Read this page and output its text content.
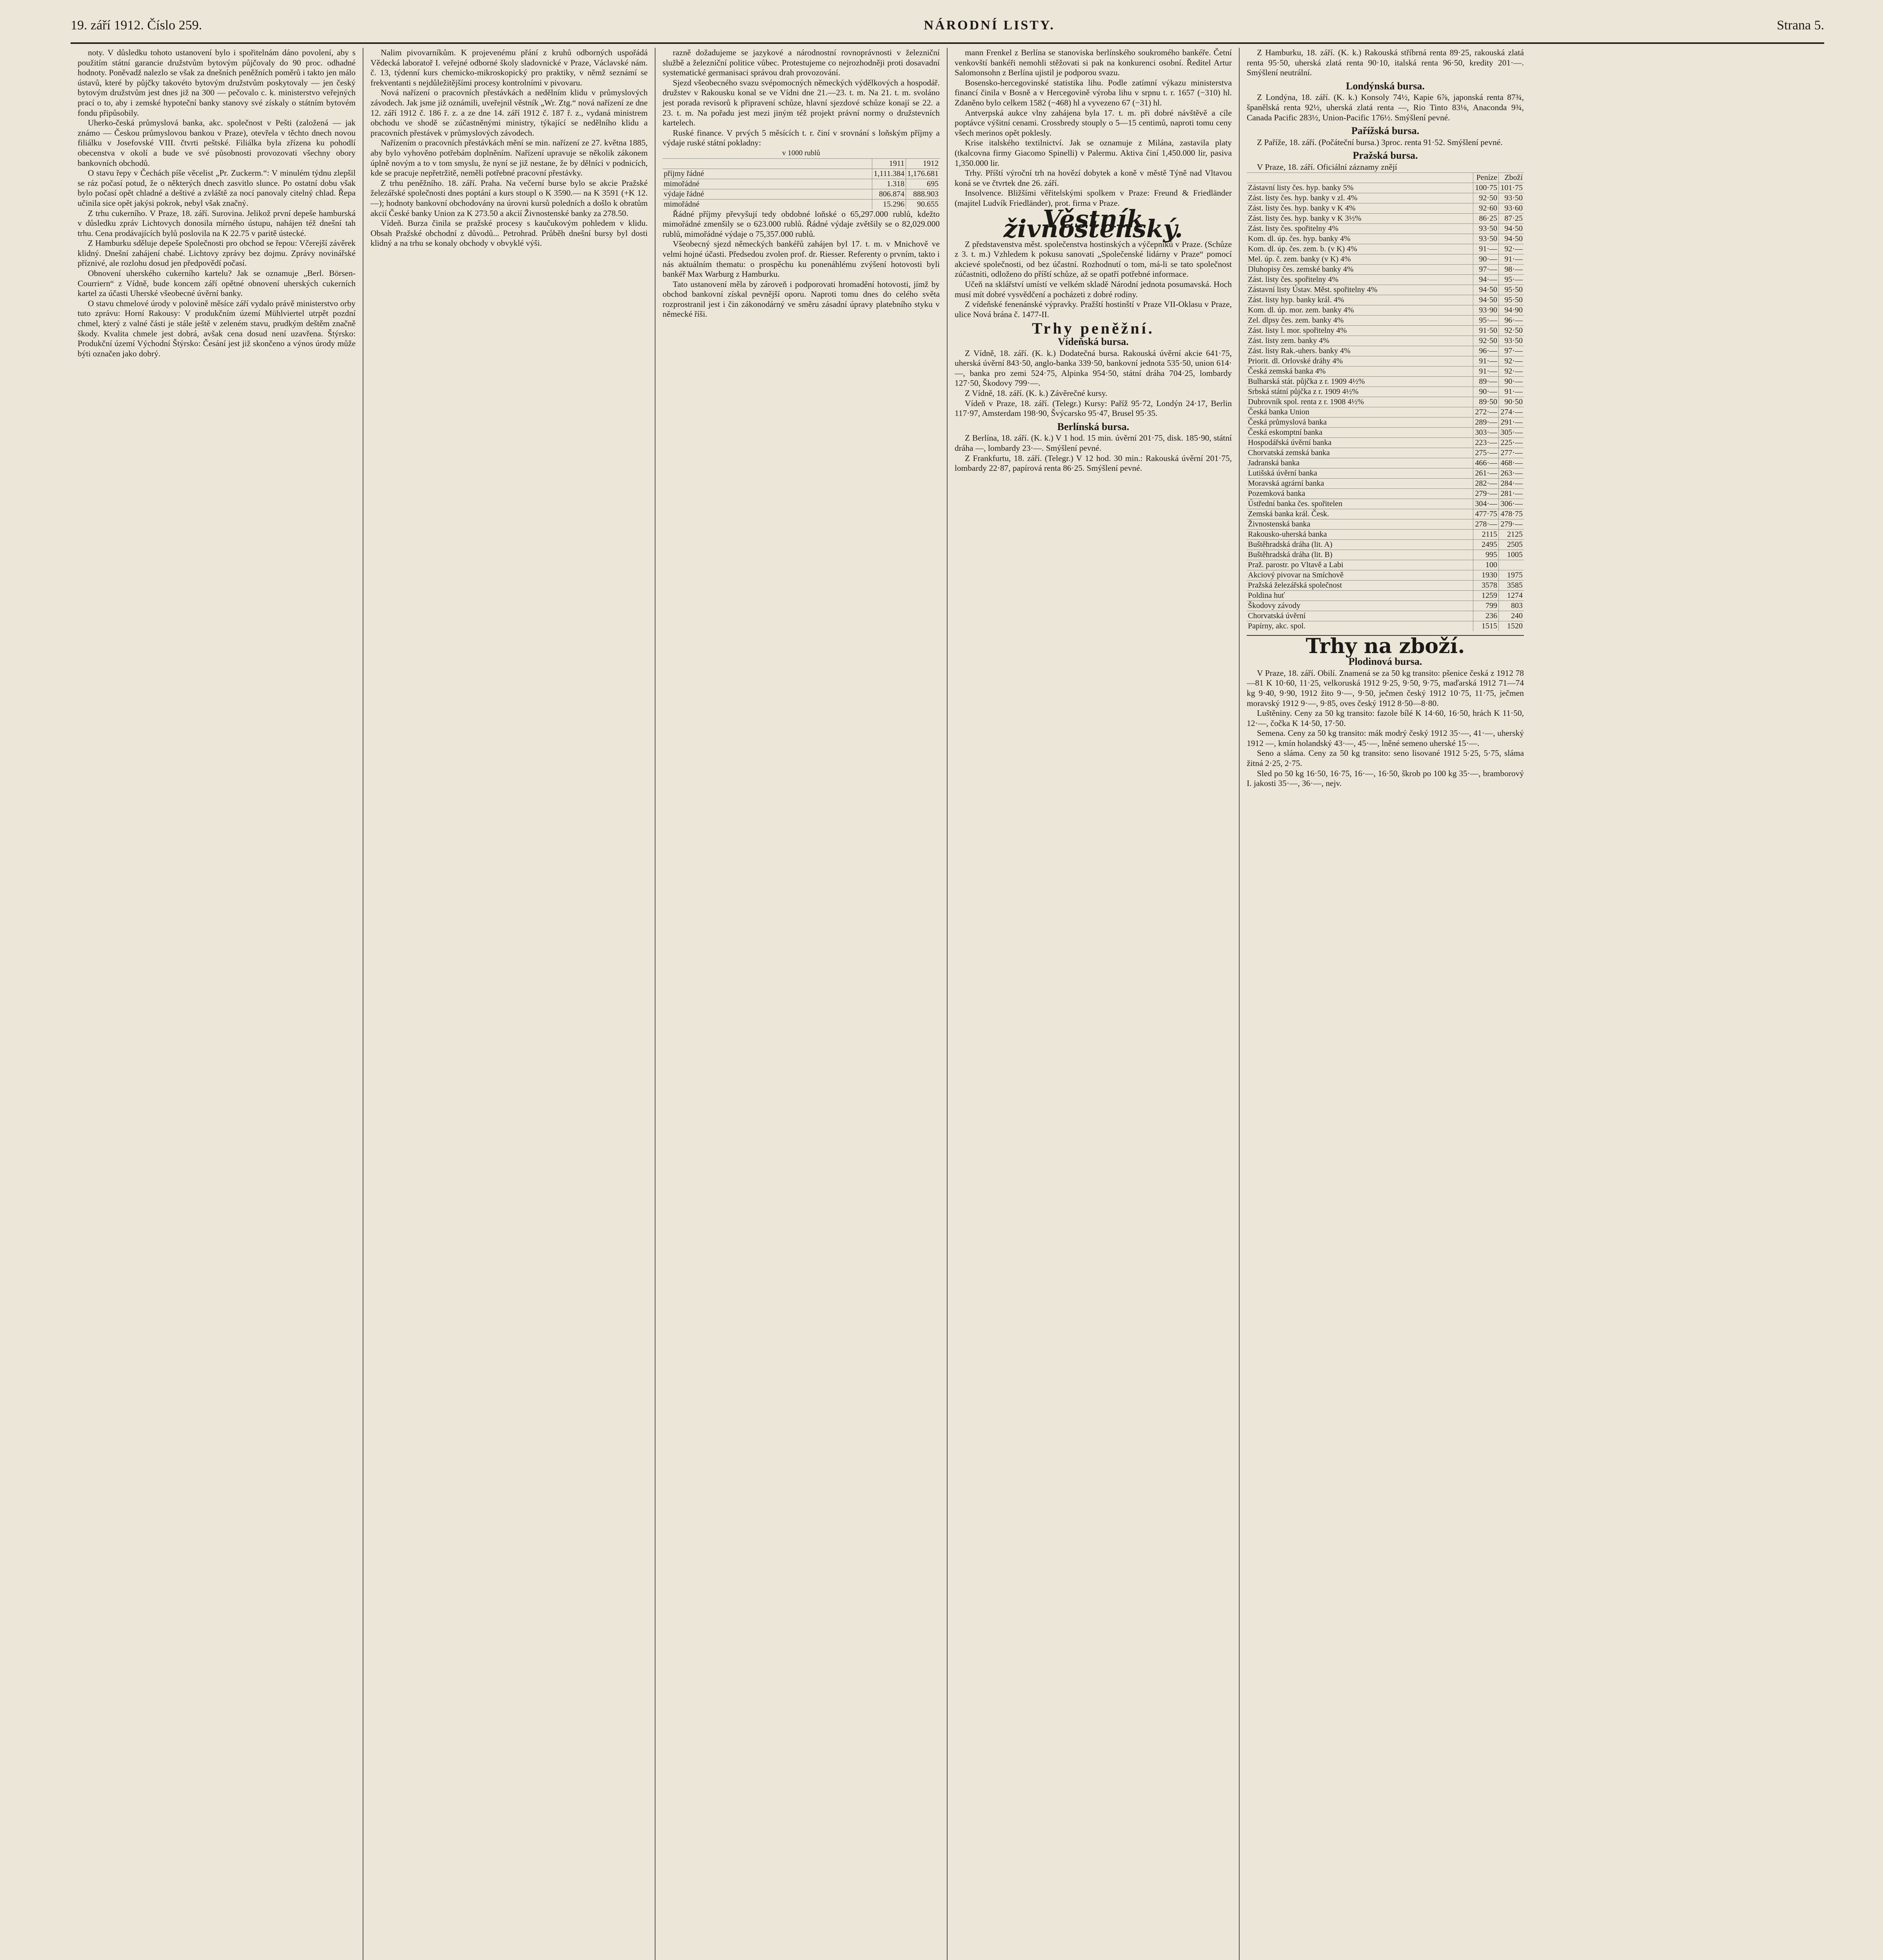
19. září 1912. Číslo 259.	NÁRODNÍ LISTY.	Strana 5.

noty. V důsledku tohoto ustanovení bylo i spořitelnám dáno povolení, aby s použitím státní garancie družstvům bytovým půjčovaly do 90 proc. odhadné hodnoty. Poněvadž nalezlo se však za dnešních peněžních poměrů i takto jen málo ústavů, které by půjčky takovéto bytovým družstvům poskytovaly — jen český bytovým družstvům jest dnes již na 300 — pečovalo c. k. ministerstvo veřejných prací o to, aby i zemské hypoteční banky stanovy své získaly o státním bytovém fondu připůsobily.

Uherko-česká průmyslová banka, akc. společnost v Pešti (založená — jak známo — Českou průmyslovou bankou v Praze), otevřela v těchto dnech novou filiálku v Josefovské VIII. čtvrti peštské. Filiálka byla zřízena ku pohodlí obecenstva v okolí a bude ve své působnosti provozovati všechny obory bankovních obchodů.

O stavu řepy v Čechách píše věcelist „Pr. Zuckerm.“: V minulém týdnu zlepšil se ráz počasí potud, že o některých dnech zasvitlo slunce. Po ostatní dobu však bylo počasí opět chladné a deštivé a zvláště za nocí panovaly citelný chlad. Řepa učinila sice opět jakýsi pokrok, nebyl však značný.

Z trhu cukerního. V Praze, 18. září. Surovina. Jelikož první depeše hamburská v důsledku zpráv Lichtovych donosila mírného ústupu, nahájen též dnešní tah trhu. Cena prodávajících bylů poslovila na K 22.75 v paritě ústecké.

Z Hamburku sděluje depeše Společnosti pro obchod se řepou: Včerejší závěrek klidný. Dnešní zahájení chabé. Lichtovy zprávy bez dojmu. Zprávy novinářské příznivé, ale rozlohu dosud jen předpovědí počasí.

Obnovení uherského cukerního kartelu? Jak se oznamuje „Berl. Börsen-Courriern“ z Vídně, bude koncem září opětné obnovení uherských cukerních kartel za účasti Uherské všeobecné úvěrní banky.

O stavu chmelové úrody v polovině měsíce září vydalo právě ministerstvo orby tuto zprávu: Horní Rakousy: V produkčním území Mühlviertel utrpět pozdní chmel, který z valné části je stále ještě v zeleném stavu, prudkým deštěm značně škody. Kvalita chmele jest dobrá, avšak cena dosud není uzavřena. Štýrsko: Produkční území Východní Štýrsko: Česání jest již skončeno a výnos úrody může býti označen jako dobrý.

Nalim pivovarníkům. K projevenému přání z kruhů odborných uspořádá Vědecká laboratoř I. veřejné odborné školy sladovnické v Praze, Václavské nám. č. 13, týdenní kurs chemicko-mikroskopický pro praktiky, v němž seznámí se frekventanti s nejdůležitějšími procesy kontrolními v pivovaru.

Nová nařízení o pracovních přestávkách a nedělním klidu v průmyslových závodech. Jak jsme již oznámili, uveřejnil věstník „Wr. Ztg.“ nová nařízení ze dne 12. září 1912 č. 186 ř. z. a ze dne 14. září 1912 č. 187 ř. z., vydaná ministrem obchodu ve shodě se zúčastněnými ministry, týkající se nedělního klidu a pracovních přestávek v průmyslových závodech.

Nařízením o pracovních přestávkách mění se min. nařízení ze 27. května 1885, aby bylo vyhověno potřebám doplněním. Nařízení upravuje se několik zákonem úplně novým a to v tom smyslu, že nyní se již nestane, že by dělníci v podnicích, kde se pracuje nepřetržitě, neměli potřebné pracovní přestávky.

Z trhu peněžního. 18. září. Praha. Na večerní burse bylo se akcie Pražské železářské společnosti dnes poptání a kurs stoupl o K 3590.— na K 3591 (+K 12.—); hodnoty bankovní obchodovány na úrovni kursů poledních a došlo k obratům akcií České banky Union za K 273.50 a akcií Živnostenské banky za 278.50.

Vídeň. Burza činila se pražské procesy s kaučukovým pohledem v klidu. Obsah Pražské obchodní z důvodů... Petrohrad. Průběh dnešní bursy byl dosti klidný a na trhu se konaly obchody v obvyklé výši.

razně dožadujeme se jazykové a národnostní rovnoprávnosti v železniční službě a železniční politice vůbec. Protestujeme co nejrozhodněji proti dosavadní systematické germanisaci správou drah provozování.

Sjezd všeobecného svazu svépomocných německých výdělkových a hospodář. družstev v Rakousku konal se ve Vídni dne 21.—23. t. m. Na 21. t. m. svoláno jest porada revisorů k připravení schůze, hlavní sjezdové schůze konají se 22. a 23. t. m. Na pořadu jest mezi jiným též projekt právní normy o družstevních kartelech.

Ruské finance. V prvých 5 měsících t. r. činí v srovnání s loňským příjmy a výdaje ruské státní pokladny:

v 1000 rublů
	1911	1912
příjmy řádné	1,111.384	1,176.681
mimořádné	1.318	695
výdaje řádné	806.874	888.903
mimořádné	15.296	90.655

Řádné příjmy převyšují tedy obdobné loňské o 65,297.000 rublů, kdežto mimořádné zmenšily se o 623.000 rublů. Řádné výdaje zvětšily se o 82,029.000 rublů, mimořádné výdaje o 75,357.000 rublů.

Všeobecný sjezd německých bankéřů zahájen byl 17. t. m. v Mnichově ve velmi hojné účasti. Předsedou zvolen prof. dr. Riesser. Referenty o prvním, takto i nás aktuálním thematu: o prospěchu ku ponenáhlému zvýšení hotovosti byli bankéř Max Warburg z Hamburku.

Tato ustanovení měla by zároveň i podporovati hromadění hotovosti, jímž by obchod bankovní získal pevnější oporu. Naproti tomu dnes do celého světa rozprostranil jest i čin zákonodárný ve směru zásadní úpravy platebního styku v německé říši.

mann Frenkel z Berlína se stanoviska berlínského soukromého bankéře. Četní venkovští bankéři nemohli stěžovati si pak na konkurenci osobní. Ředitel Artur Salomonsohn z Berlína ujistil je podporou svazu.

Bosensko-hercegovinské statistika lihu. Podle zatímní výkazu ministerstva financí činila v Bosně a v Hercegovině výroba lihu v srpnu t. r. 1657 (−310) hl. Zdaněno bylo celkem 1582 (−468) hl a vyvezeno 67 (−31) hl.

Antverpská aukce vlny zahájena byla 17. t. m. při dobré návštěvě a cíle poptávce výšitní cenami. Crossbredy stouply o 5—15 centimů, naproti tomu ceny všech merinos opět poklesly.

Krise italského textilnictví. Jak se oznamuje z Milána, zastavila platy (tkalcovna firmy Giacomo Spinelli) v Palermu. Aktiva činí 1,450.000 lir, pasiva 1,350.000 lir.

Trhy. Příští výroční trh na hovězí dobytek a koně v městě Týně nad Vltavou koná se ve čtvrtek dne 26. září.

Insolvence. Bližšími věřitelskými spolkem v Praze: Freund & Friedländer (majitel Ludvík Friedländer), prot. firma v Praze.

Věstník živnostenský.

Z představenstva měst. společenstva hostinských a výčepníků v Praze. (Schůze z 3. t. m.) Vzhledem k pokusu sanovati „Společenské lidárny v Praze“ pomocí akcievé společnosti, od bez účastní. Rozhodnutí o tom, má-li se tato společnost zúčastniti, odloženo do příští schůze, až se opatří potřebné informace.

Učeň na sklářství umístí ve velkém skladě Národní jednota posumavská. Hoch musí mít dobré vysvědčení a pocházeti z dobré rodiny.

Z vídeňské fenenánské výpravky. Pražští hostinští v Praze VII-Oklasu v Praze, ulice Nová brána č. 1477-II.

Trhy peněžní.
Vídeňská bursa.

Z Vídně, 18. září. (K. k.) Dodatečná bursa. Rakouská úvěrní akcie 641·75, uherská úvěrní 843·50, anglo-banka 339·50, bankovní jednota 535·50, union 614·—, banka pro zemi 524·75, Alpinka 954·50, státní dráha 704·25, lombardy 127·50, Škodovy 799·—.

Z Vídně, 18. září. (K. k.) Závěrečné kursy.

Vídeň v Praze, 18. září. (Telegr.) Kursy: Paříž 95·72, Londýn 24·17, Berlin 117·97, Amsterdam 198·90, Švýcarsko 95·47, Brusel 95·35.

Berlínská bursa.

Z Berlína, 18. září. (K. k.) V 1 hod. 15 min. úvěrní 201·75, disk. 185·90, státní dráha —, lombardy 23·—. Smýšlení pevné.

Z Frankfurtu, 18. září. (Telegr.) V 12 hod. 30 min.: Rakouská úvěrní 201·75, lombardy 22·87, papírová renta 86·25. Smýšlení pevné.

Z Hamburku, 18. září. (K. k.) Rakouská stříbrná renta 89·25, rakouská zlatá renta 95·50, uherská zlatá renta 90·10, italská renta 96·50, kredity 201·—. Smýšlení neutrální.

Londýnská bursa.

Z Londýna, 18. září. (K. k.) Konsoly 74½, Kapie 6⅞, japonská renta 87¾, španělská renta 92½, uherská zlatá renta —, Rio Tinto 83⅛, Anaconda 9¾, Canada Pacific 283½, Union-Pacific 176½. Smýšlení pevné.

Pařížská bursa.

Z Paříže, 18. září. (Počáteční bursa.) 3proc. renta 91·52. Smýšlení pevné.

Pražská bursa.

V Praze, 18. září. Oficiální záznamy znějí

	Peníze	Zboží
Zástavní listy čes. hyp. banky 5%	100·75	101·75
Zást. listy čes. hyp. banky v zl. 4%	92·50	93·50
Zást. listy čes. hyp. banky v K 4%	92·60	93·60
Zást. listy čes. hyp. banky v K 3½%	86·25	87·25
Zást. listy čes. spořitelny 4%	93·50	94·50
Kom. dl. úp. čes. hyp. banky 4%	93·50	94·50
Kom. dl. úp. čes. zem. b. (v K) 4%	91·—	92·—
Mel. úp. č. zem. banky (v K) 4%	90·—	91·—
Dluhopisy čes. zemské banky 4%	97·—	98·—
Zást. listy čes. spořitelny 4%	94·—	95·—
Zástavní listy Ústav. Měst. spořitelny 4%	94·50	95·50
Zást. listy hyp. banky král. 4%	94·50	95·50
Kom. dl. úp. mor. zem. banky 4%	93·90	94·90
Zel. dlpsy čes. zem. banky 4%	95·—	96·—
Zást. listy l. mor. spořitelny 4%	91·50	92·50
Zást. listy zem. banky 4%	92·50	93·50
Zást. listy Rak.-uhers. banky 4%	96·—	97·—
Priorit. dl. Orlovské dráhy 4%	91·—	92·—
Česká zemská banka 4%	91·—	92·—
Bulharská stát. půjčka z r. 1909 4½%	89·—	90·—
Srbská státní půjčka z r. 1909 4½%	90·—	91·—
Dubrovník spol. renta z r. 1908 4½%	89·50	90·50
Česká banka Union	272·—	274·—
Česká průmyslová banka	289·—	291·—
Česká eskomptní banka	303·—	305·—
Hospodářská úvěrní banka	223·—	225·—
Chorvatská zemská banka	275·—	277·—
Jadranská banka	466·—	468·—
Lutišská úvěrní banka	261·—	263·—
Moravská agrární banka	282·—	284·—
Pozemková banka	279·—	281·—
Ústřední banka čes. spořitelen	304·—	306·—
Zemská banka král. Česk.	477·75	478·75
Živnostenská banka	278·—	279·—
Rakousko-uherská banka	2115	2125
Buštěhradská dráha (lit. A)	2495	2505
Buštěhradská dráha (lit. B)	995	1005
Praž. parostr. po Vltavě a Labi	100	
Akciový pivovar na Smíchově	1930	1975
Pražská železářská společnost	3578	3585
Poldina huť	1259	1274
Škodovy závody	799	803
Chorvatská úvěrní	236	240
Papírny, akc. spol.	1515	1520
Trhy na zboží.
Plodinová bursa.

V Praze, 18. září. Obilí. Znamená se za 50 kg transito: pšenice česká z 1912 78—81 K 10·60, 11·25, velkoruská 1912 9·25, 9·50, 9·75, maďarská 1912 71—74 kg 9·40, 9·90, 1912 žito 9·—, 9·50, ječmen český 1912 10·75, 11·75, ječmen moravský 1912 9·—, 9·85, oves český 1912 8·50—8·80.

Luštěniny. Ceny za 50 kg transito: fazole bílé K 14·60, 16·50, hrách K 11·50, 12·—, čočka K 14·50, 17·50.

Semena. Ceny za 50 kg transito: mák modrý český 1912 35·—, 41·—, uherský 1912 —, kmín holandský 43·—, 45·—, lněné semeno uherské 15·—.

Seno a sláma. Ceny za 50 kg transito: seno lisované 1912 5·25, 5·75, sláma žitná 2·25, 2·75.

Sled po 50 kg 16·50, 16·75, 16·—, 16·50, škrob po 100 kg 35·—, bramborový I. jakosti 35·—, 36·—, nejv.
